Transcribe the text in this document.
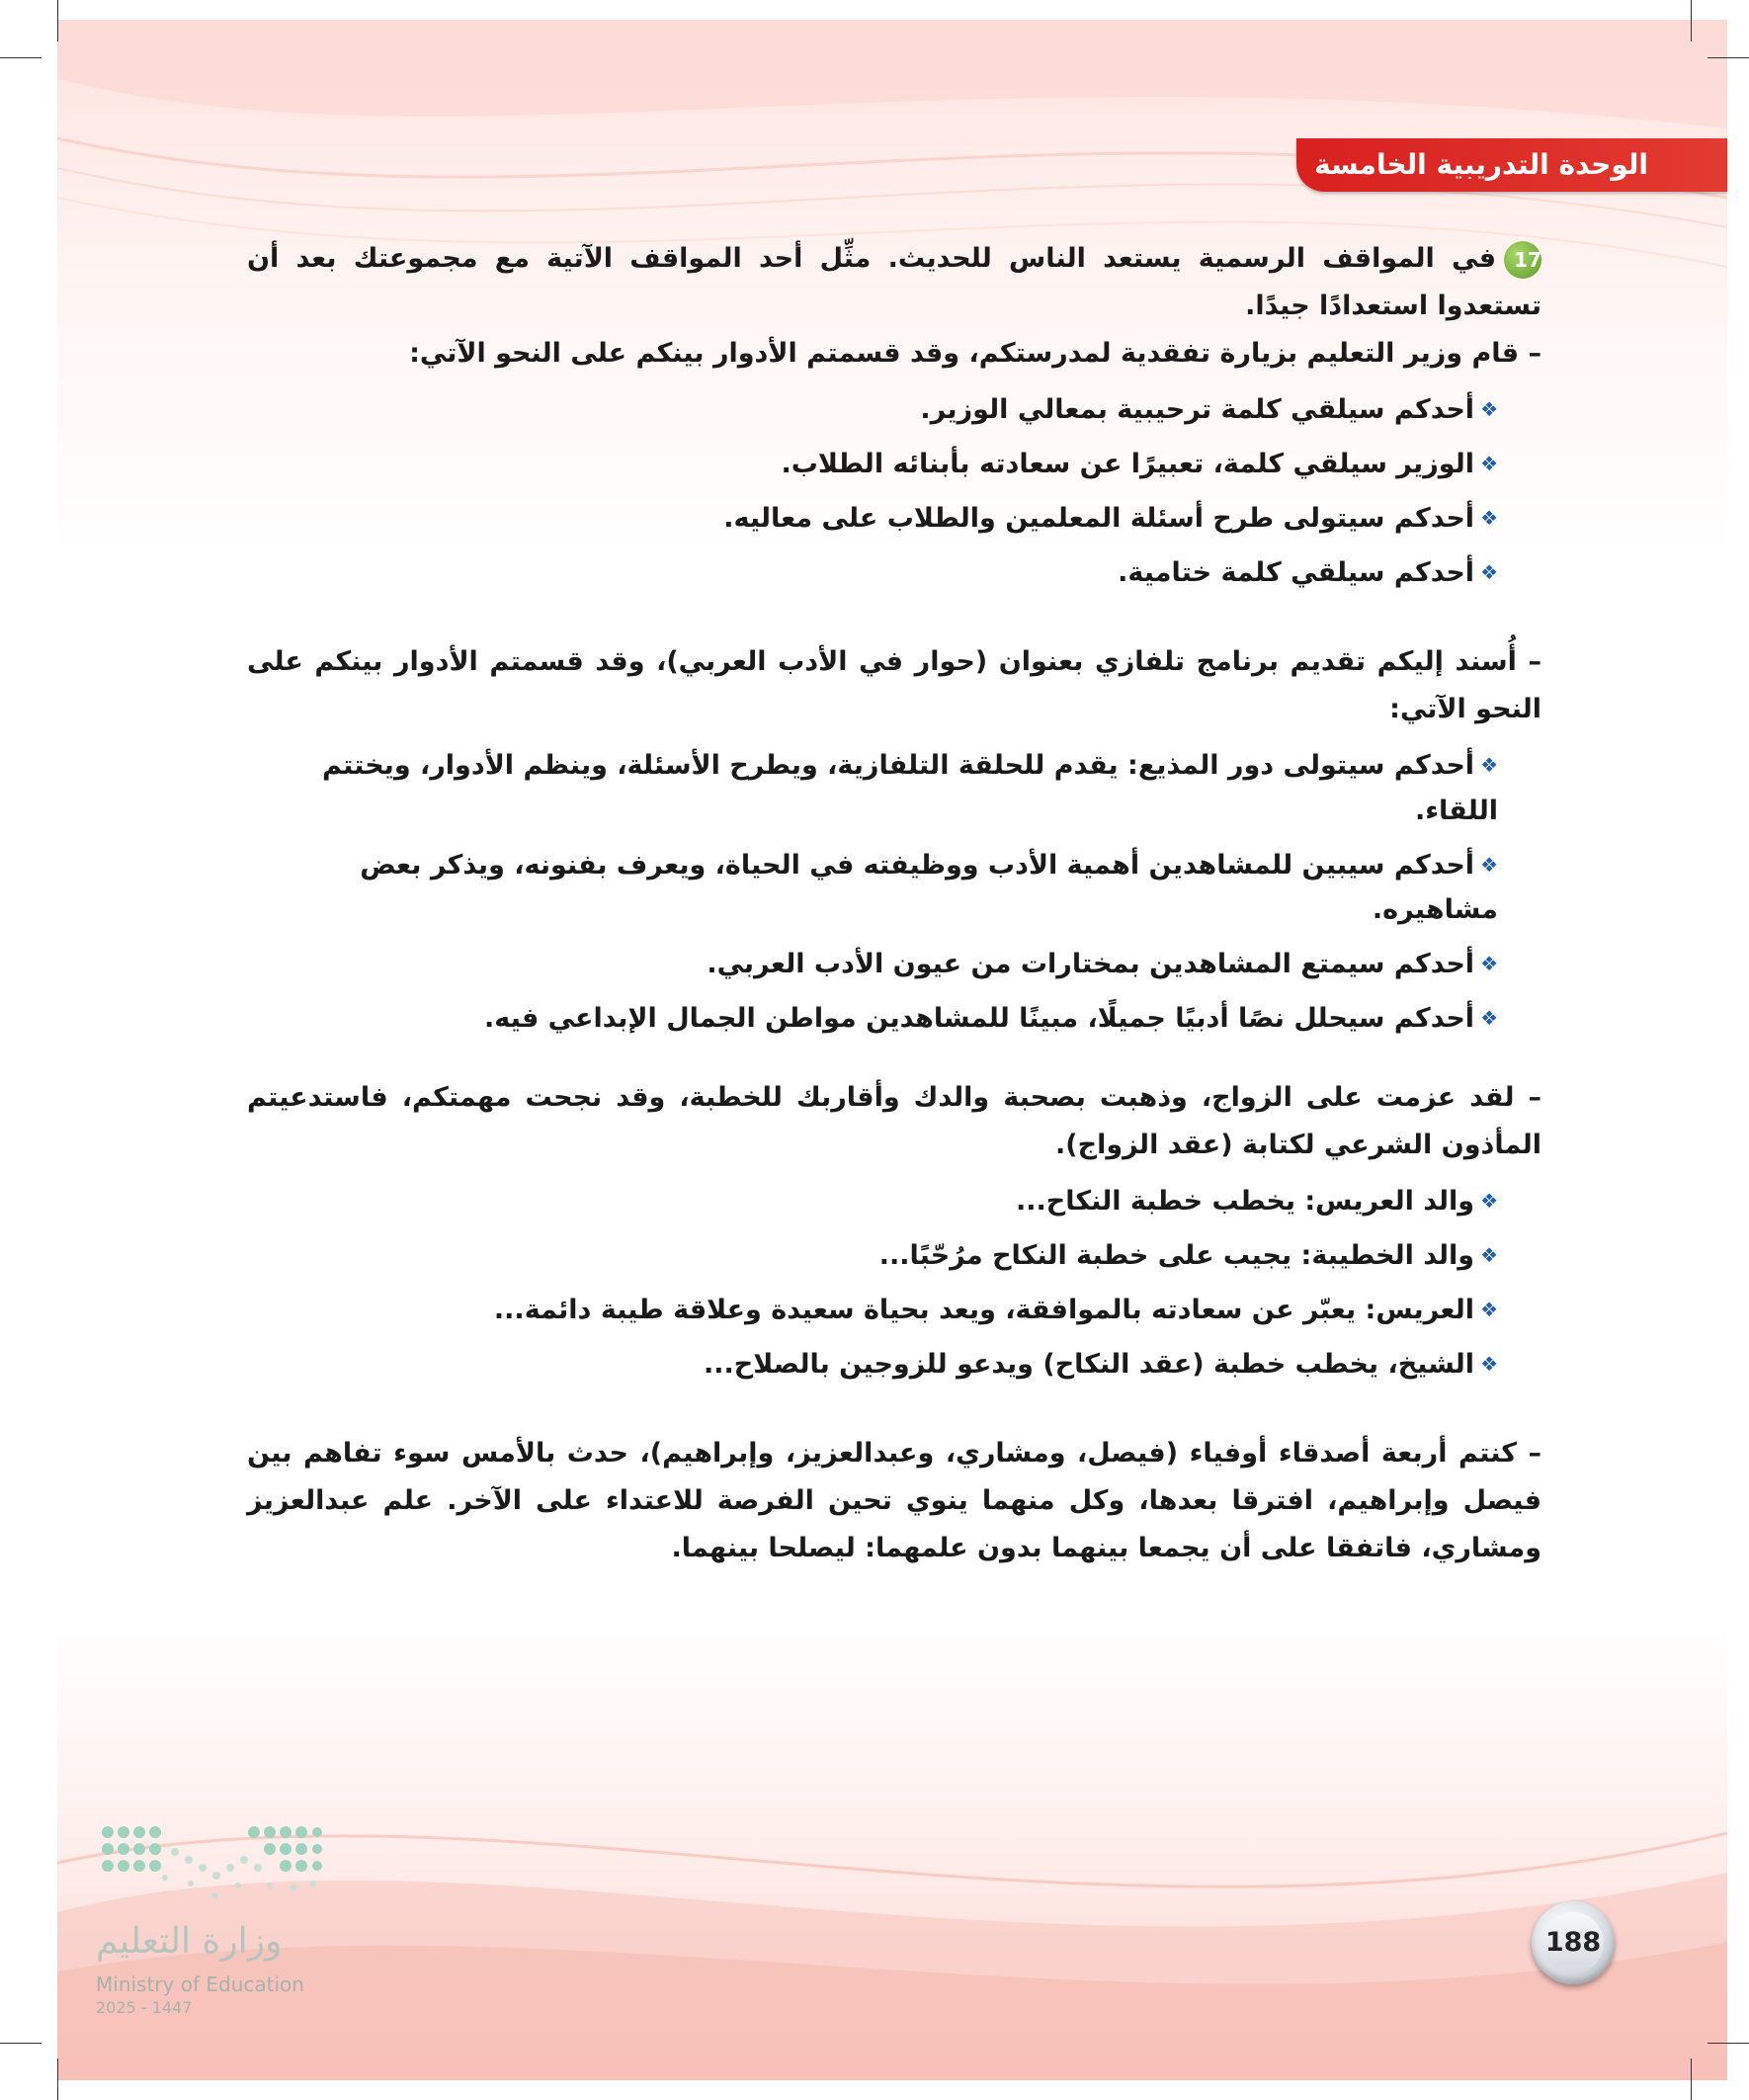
الوحدة التدريبية الخامسة

17في المواقف الرسمية يستعد الناس للحديث. مثِّل أحد المواقف الآتية مع مجموعتك بعد أن تستعدوا استعدادًا جيدًا.

– قام وزير التعليم بزيارة تفقدية لمدرستكم، وقد قسمتم الأدوار بينكم على النحو الآتي:

❖أحدكم سيلقي كلمة ترحيبية بمعالي الوزير.
❖الوزير سيلقي كلمة، تعبيرًا عن سعادته بأبنائه الطلاب.
❖أحدكم سيتولى طرح أسئلة المعلمين والطلاب على معاليه.
❖أحدكم سيلقي كلمة ختامية.

– أُسند إليكم تقديم برنامج تلفازي بعنوان (حوار في الأدب العربي)، وقد قسمتم الأدوار بينكم على النحو الآتي:

❖أحدكم سيتولى دور المذيع: يقدم للحلقة التلفازية، ويطرح الأسئلة، وينظم الأدوار، ويختتم اللقاء.
❖أحدكم سيبين للمشاهدين أهمية الأدب ووظيفته في الحياة، ويعرف بفنونه، ويذكر بعض مشاهيره.
❖أحدكم سيمتع المشاهدين بمختارات من عيون الأدب العربي.
❖أحدكم سيحلل نصًا أدبيًا جميلًا، مبينًا للمشاهدين مواطن الجمال الإبداعي فيه.

– لقد عزمت على الزواج، وذهبت بصحبة والدك وأقاربك للخطبة، وقد نجحت مهمتكم، فاستدعيتم المأذون الشرعي لكتابة (عقد الزواج).

❖والد العريس: يخطب خطبة النكاح...
❖والد الخطيبة: يجيب على خطبة النكاح مرُحّبًا...
❖العريس: يعبّر عن سعادته بالموافقة، ويعد بحياة سعيدة وعلاقة طيبة دائمة...
❖الشيخ، يخطب خطبة (عقد النكاح) ويدعو للزوجين بالصلاح...

– كنتم أربعة أصدقاء أوفياء (فيصل، ومشاري، وعبدالعزيز، وإبراهيم)، حدث بالأمس سوء تفاهم بين فيصل وإبراهيم، افترقا بعدها، وكل منهما ينوي تحين الفرصة للاعتداء على الآخر. علم عبدالعزيز ومشاري، فاتفقا على أن يجمعا بينهما بدون علمهما: ليصلحا بينهما.

وزارة التعليم
Ministry of Education
2025 - 1447
188
